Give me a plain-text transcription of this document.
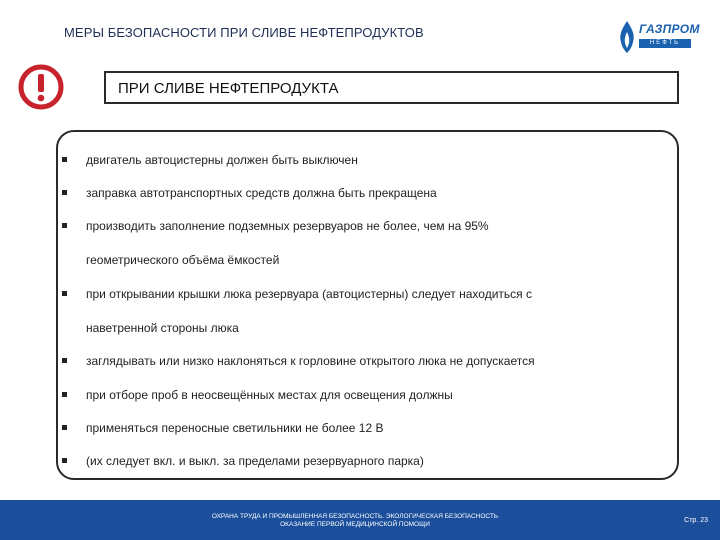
МЕРЫ БЕЗОПАСНОСТИ ПРИ СЛИВЕ НЕФТЕПРОДУКТОВ	ГАЗПРОМ
НЕФТЬ
ПРИ СЛИВЕ НЕФТЕПРОДУКТА
двигатель автоцистерны должен быть выключен
заправка автотранспортных средств должна быть прекращена
производить заполнение подземных резервуаров не более, чем на 95%
геометрического объёма ёмкостей
при открывании крышки люка резервуара (автоцистерны) следует находиться с
наветренной стороны люка
заглядывать или низко наклоняться к горловине открытого люка не допускается
при отборе проб в неосвещённых местах для освещения должны
применяться переносные светильники не более 12 В
(их следует вкл. и выкл. за пределами резервуарного парка)
ОХРАНА ТРУДА И ПРОМЫШЛЕННАЯ БЕЗОПАСНОСТЬ. ЭКОЛОГИЧЕСКАЯ БЕЗОПАСНОСТЬ
ОКАЗАНИЕ ПЕРВОЙ МЕДИЦИНСКОЙ ПОМОЩИ
Стр. 23
